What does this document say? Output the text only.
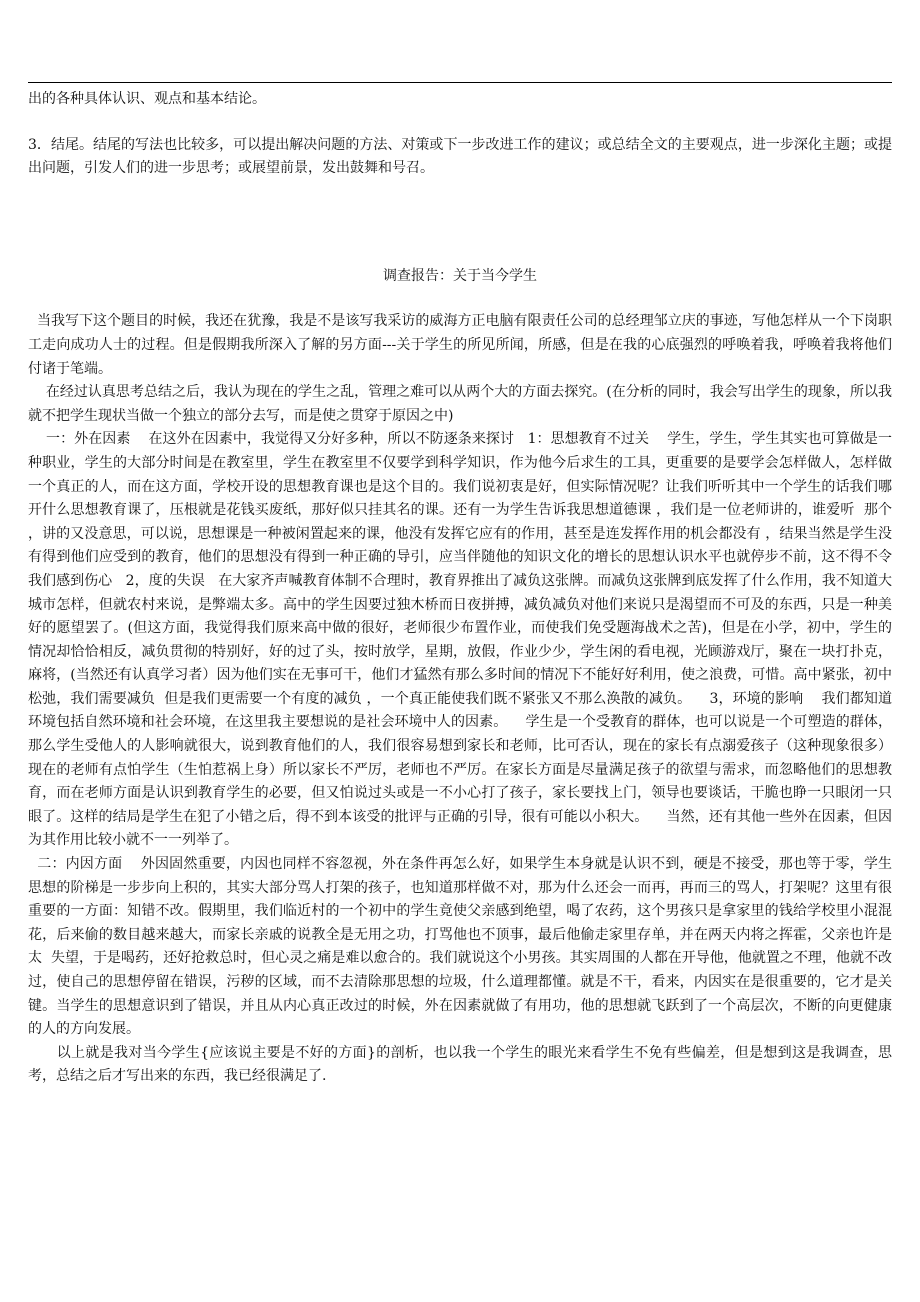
出的各种具体认识、观点和基本结论。

3．结尾。结尾的写法也比较多，可以提出解决问题的方法、对策或下一步改进工作的建议；或总结全文的主要观点，进一步深化主题；或提出问题，引发人们的进一步思考；或展望前景，发出鼓舞和号召。

调查报告：关于当今学生

当我写下这个题目的时候，我还在犹豫，我是不是该写我采访的威海方正电脑有限责任公司的总经理邹立庆的事迹，写他怎样从一个下岗职工走向成功人士的过程。但是假期我所深入了解的另方面---关于学生的所见所闻，所感，但是在我的心底强烈的呼唤着我，呼唤着我将他们付诸于笔端。

在经过认真思考总结之后，我认为现在的学生之乱，管理之难可以从两个大的方面去探究。(在分析的同时，我会写出学生的现象，所以我就不把学生现状当做一个独立的部分去写，而是使之贯穿于原因之中)

一：外在因素    在这外在因素中，我觉得又分好多种，所以不防逐条来探讨   1：思想教育不过关    学生，学生，学生其实也可算做是一种职业，学生的大部分时间是在教室里，学生在教室里不仅要学到科学知识，作为他今后求生的工具，更重要的是要学会怎样做人，怎样做一个真正的人，而在这方面，学校开设的思想教育课也是这个目的。我们说初衷是好，但实际情况呢？让我们听听其中一个学生的话我们哪开什么思想教育课了，压根就是花钱买废纸，那好似只挂其名的课。还有一为学生告诉我思想道德课 ，我们是一位老师讲的，谁爱听  那个 ，讲的又没意思，可以说，思想课是一种被闲置起来的课，他没有发挥它应有的作用，甚至是连发挥作用的机会都没有 ，结果当然是学生没有得到他们应受到的教育，他们的思想没有得到一种正确的导引，应当伴随他的知识文化的增长的思想认识水平也就停步不前，这不得不令我们感到伤心   2，度的失误   在大家齐声喊教育体制不合理时，教育界推出了减负这张牌。而减负这张牌到底发挥了什么作用，我不知道大城市怎样，但就农村来说，是弊端太多。高中的学生因要过独木桥而日夜拼搏，减负减负对他们来说只是渴望而不可及的东西，只是一种美好的愿望罢了。(但这方面，我觉得我们原来高中做的很好，老师很少布置作业，而使我们免受题海战术之苦)，但是在小学，初中，学生的情况却恰恰相反，减负贯彻的特别好，好的过了头，按时放学，星期，放假，作业少少，学生闲的看电视，光顾游戏厅，聚在一块打扑克，麻将，(当然还有认真学习者）因为他们实在无事可干，他们才猛然有那么多时间的情况下不能好好利用，使之浪费，可惜。高中紧张，初中松弛，我们需要减负  但是我们更需要一个有度的减负 ，一个真正能使我们既不紧张又不那么涣散的减负。    3，环境的影响    我们都知道环境包括自然环境和社会环境，在这里我主要想说的是社会环境中人的因素。    学生是一个受教育的群体，也可以说是一个可塑造的群体，那么学生受他人的人影响就很大，说到教育他们的人，我们很容易想到家长和老师，比可否认，现在的家长有点溺爱孩子（这种现象很多）现在的老师有点怕学生（生怕惹祸上身）所以家长不严厉，老师也不严厉。在家长方面是尽量满足孩子的欲望与需求，而忽略他们的思想教育，而在老师方面是认识到教育学生的必要，但又怕说过头或是一不小心打了孩子，家长要找上门，领导也要谈话，干脆也睁一只眼闭一只眼了。这样的结局是学生在犯了小错之后，得不到本该受的批评与正确的引导，很有可能以小积大。    当然，还有其他一些外在因素，但因为其作用比较小就不一一列举了。

二：内因方面    外因固然重要，内因也同样不容忽视，外在条件再怎么好，如果学生本身就是认识不到，硬是不接受，那也等于零，学生思想的阶梯是一步步向上积的，其实大部分骂人打架的孩子，也知道那样做不对，那为什么还会一而再，再而三的骂人，打架呢？这里有很重要的一方面：知错不改。假期里，我们临近村的一个初中的学生竟使父亲感到绝望，喝了农药，这个男孩只是拿家里的钱给学校里小混混花，后来偷的数目越来越大，而家长亲戚的说教全是无用之功，打骂他也不顶事，最后他偷走家里存单，并在两天内将之挥霍，父亲也许是太  失望，于是喝药，还好抢救总时，但心灵之痛是难以愈合的。我们就说这个小男孩。其实周围的人都在开导他，他就置之不理，他就不改过，使自己的思想停留在错误，污秽的区域，而不去清除那思想的垃圾，什么道理都懂。就是不干，看来，内因实在是很重要的，它才是关键。当学生的思想意识到了错误，并且从内心真正改过的时候，外在因素就做了有用功，他的思想就飞跃到了一个高层次，不断的向更健康的人的方向发展。

以上就是我对当今学生{应该说主要是不好的方面}的剖析，也以我一个学生的眼光来看学生不免有些偏差，但是想到这是我调查，思考，总结之后才写出来的东西，我已经很满足了.
